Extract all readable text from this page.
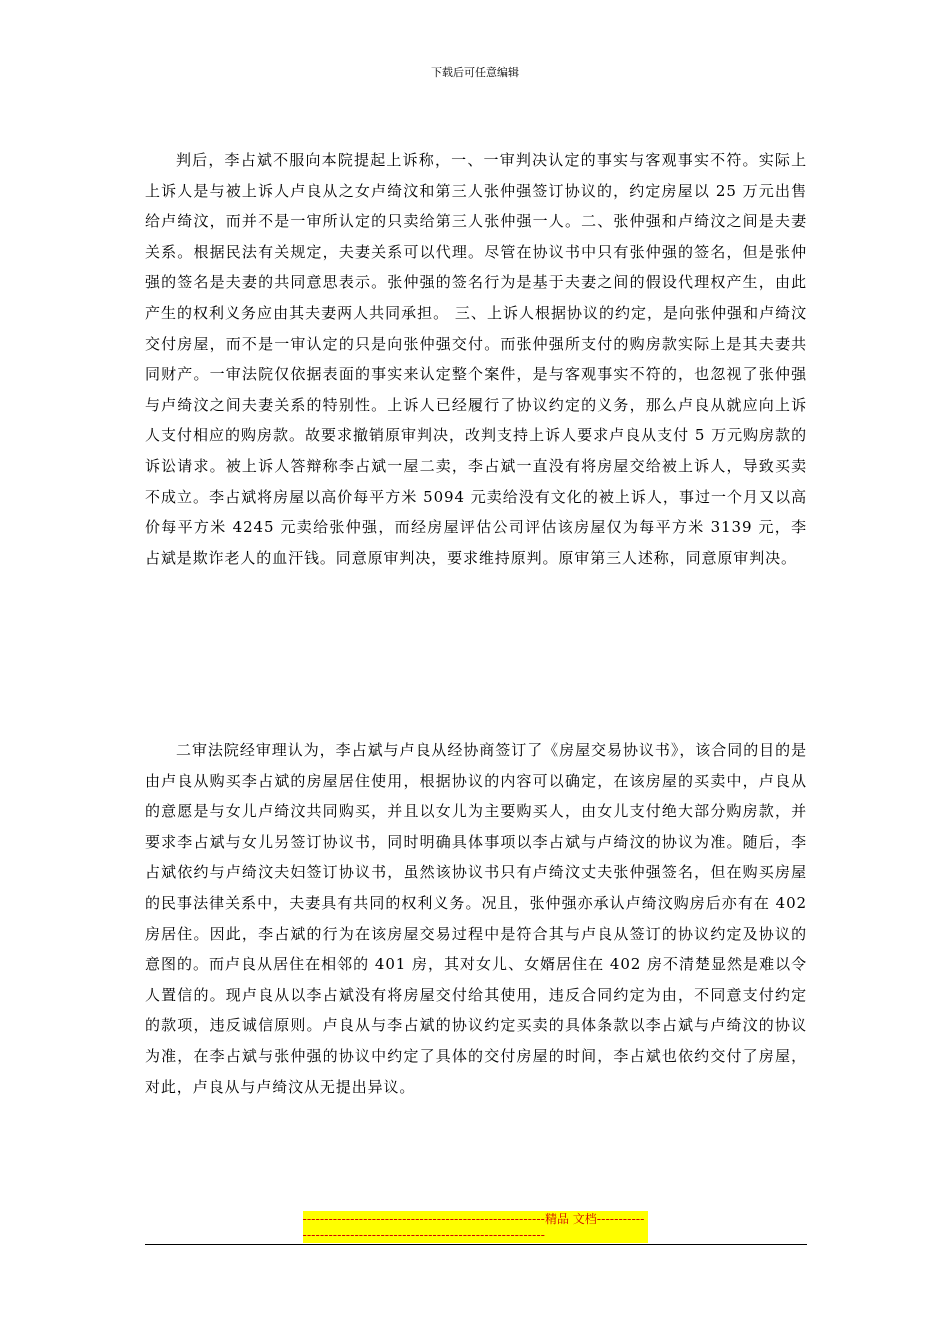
下载后可任意编辑

判后，李占斌不服向本院提起上诉称，一、一审判决认定的事实与客观事实不符。实际上上诉人是与被上诉人卢良从之女卢绮汶和第三人张仲强签订协议的，约定房屋以 25 万元出售给卢绮汶，而并不是一审所认定的只卖给第三人张仲强一人。二、张仲强和卢绮汶之间是夫妻关系。根据民法有关规定，夫妻关系可以代理。尽管在协议书中只有张仲强的签名，但是张仲强的签名是夫妻的共同意思表示。张仲强的签名行为是基于夫妻之间的假设代理权产生，由此产生的权利义务应由其夫妻两人共同承担。 三、上诉人根据协议的约定，是向张仲强和卢绮汶交付房屋，而不是一审认定的只是向张仲强交付。而张仲强所支付的购房款实际上是其夫妻共同财产。一审法院仅依据表面的事实来认定整个案件，是与客观事实不符的，也忽视了张仲强与卢绮汶之间夫妻关系的特别性。上诉人已经履行了协议约定的义务，那么卢良从就应向上诉人支付相应的购房款。故要求撤销原审判决，改判支持上诉人要求卢良从支付 5 万元购房款的诉讼请求。被上诉人答辩称李占斌一屋二卖，李占斌一直没有将房屋交给被上诉人，导致买卖不成立。李占斌将房屋以高价每平方米 5094 元卖给没有文化的被上诉人，事过一个月又以高价每平方米 4245 元卖给张仲强，而经房屋评估公司评估该房屋仅为每平方米 3139 元，李占斌是欺诈老人的血汗钱。同意原审判决，要求维持原判。原审第三人述称，同意原审判决。

二审法院经审理认为，李占斌与卢良从经协商签订了《房屋交易协议书》，该合同的目的是由卢良从购买李占斌的房屋居住使用，根据协议的内容可以确定，在该房屋的买卖中，卢良从的意愿是与女儿卢绮汶共同购买，并且以女儿为主要购买人，由女儿支付绝大部分购房款，并要求李占斌与女儿另签订协议书，同时明确具体事项以李占斌与卢绮汶的协议为准。随后，李占斌依约与卢绮汶夫妇签订协议书，虽然该协议书只有卢绮汶丈夫张仲强签名，但在购买房屋的民事法律关系中，夫妻具有共同的权利义务。况且，张仲强亦承认卢绮汶购房后亦有在 402 房居住。因此，李占斌的行为在该房屋交易过程中是符合其与卢良从签订的协议约定及协议的意图的。而卢良从居住在相邻的 401 房，其对女儿、女婿居住在 402 房不清楚显然是难以令人置信的。现卢良从以李占斌没有将房屋交付给其使用，违反合同约定为由，不同意支付约定的款项，违反诚信原则。卢良从与李占斌的协议约定买卖的具体条款以李占斌与卢绮汶的协议为准，在李占斌与张仲强的协议中约定了具体的交付房屋的时间，李占斌也依约交付了房屋，对此，卢良从与卢绮汶从无提出异议。

--------------------------------------------------------精品 文档-------------------------------------------------------------------
